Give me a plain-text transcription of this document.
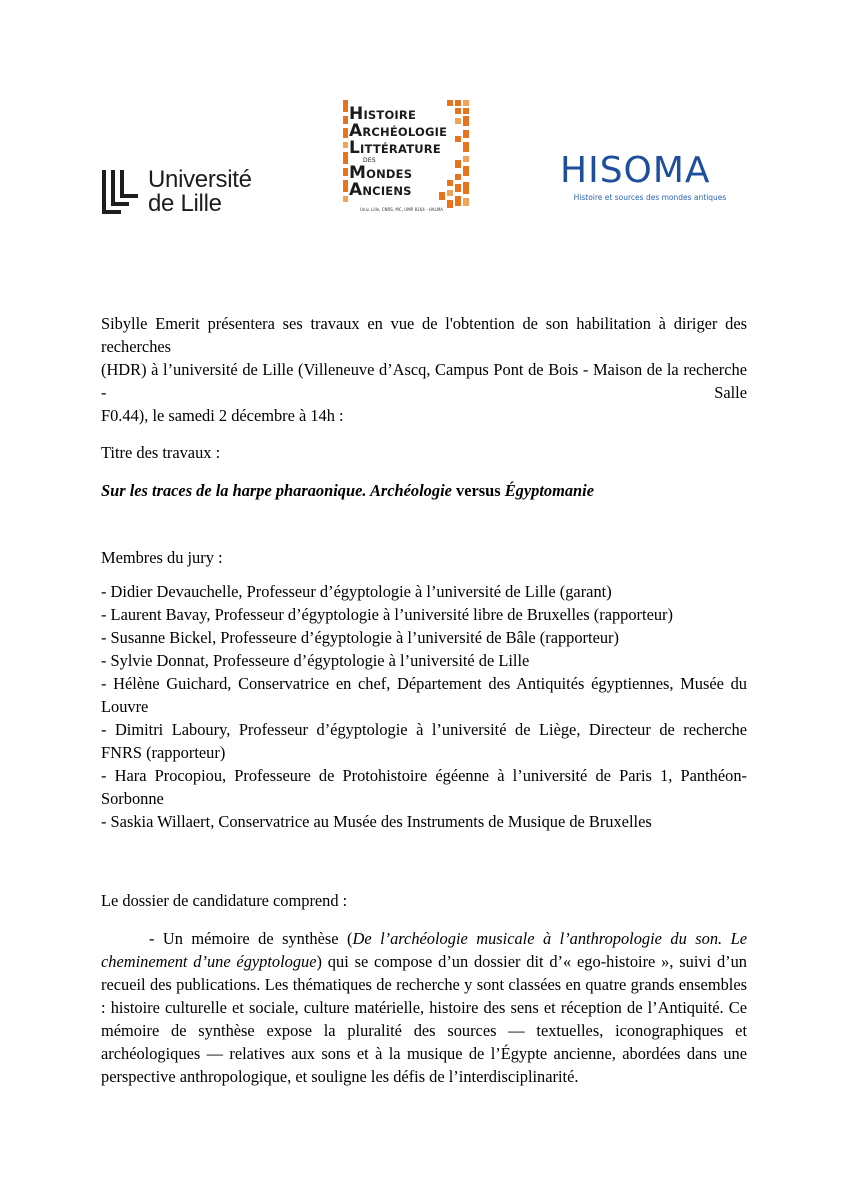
Université
de Lille
HISTOIRE
ARCHÉOLOGIE
LITTÉRATURE
DES
MONDES
ANCIENS
Univ. Lille, CNRS, MC, UMR 8164 - HALMA
HISOMA
Histoire et sources des mondes antiques
Sibylle Emerit présentera ses travaux en vue de l'obtention de son habilitation à diriger des recherches
(HDR) à l’université de Lille (Villeneuve d’Ascq, Campus Pont de Bois - Maison de la recherche - Salle
F0.44), le samedi 2 décembre à 14h :
Titre des travaux :
Sur les traces de la harpe pharaonique. Archéologie versus Égyptomanie
Membres du jury :
- Didier Devauchelle, Professeur d’égyptologie à l’université de Lille (garant)
- Laurent Bavay, Professeur d’égyptologie à l’université libre de Bruxelles (rapporteur)
- Susanne Bickel, Professeure d’égyptologie à l’université de Bâle (rapporteur)
- Sylvie Donnat, Professeure d’égyptologie à l’université de Lille
- Hélène Guichard, Conservatrice en chef, Département des Antiquités égyptiennes, Musée du
Louvre
- Dimitri Laboury, Professeur d’égyptologie à l’université de Liège, Directeur de recherche
FNRS (rapporteur)
- Hara Procopiou, Professeure de Protohistoire égéenne à l’université de Paris 1, Panthéon-
Sorbonne
- Saskia Willaert, Conservatrice au Musée des Instruments de Musique de Bruxelles
Le dossier de candidature comprend :
- Un mémoire de synthèse (De l’archéologie musicale à l’anthropologie du son. Le cheminement d’une égyptologue) qui se compose d’un dossier dit d’« ego-histoire », suivi d’un recueil des publications. Les thématiques de recherche y sont classées en quatre grands ensembles : histoire culturelle et sociale, culture matérielle, histoire des sens et réception de l’Antiquité. Ce mémoire de synthèse expose la pluralité des sources — textuelles, iconographiques et archéologiques — relatives aux sons et à la musique de l’Égypte ancienne, abordées dans une perspective anthropologique, et souligne les défis de l’interdisciplinarité.
